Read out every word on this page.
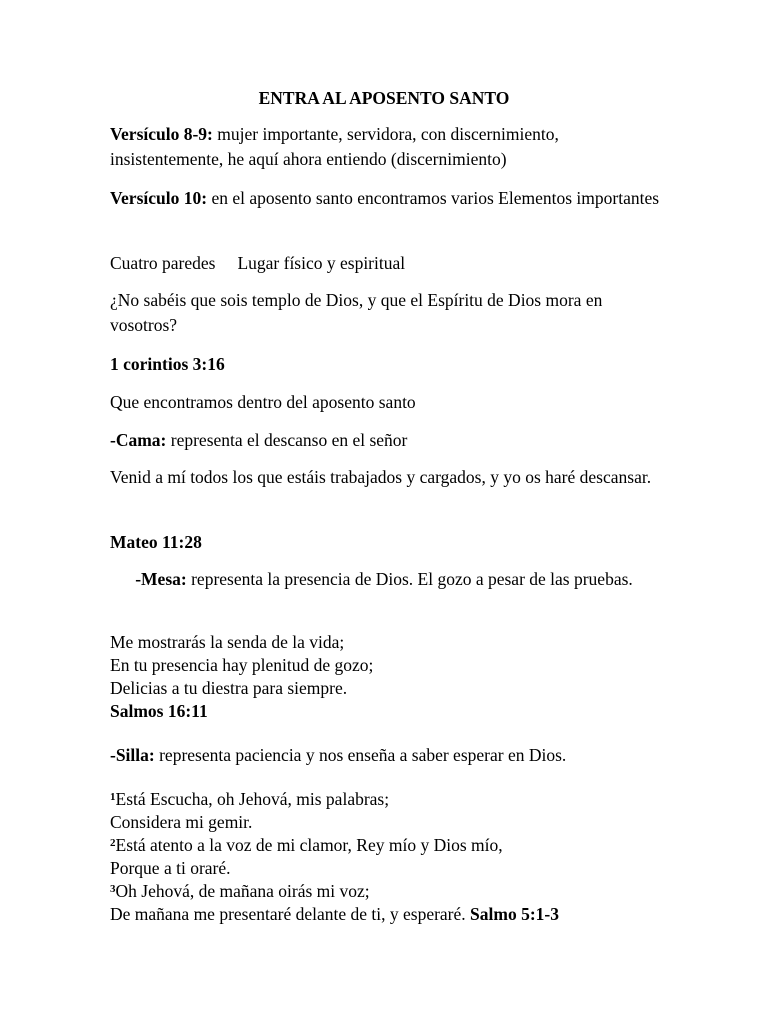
ENTRA AL APOSENTO SANTO
Versículo 8-9: mujer importante, servidora, con discernimiento, insistentemente, he aquí ahora entiendo (discernimiento)
Versículo 10: en el aposento santo encontramos varios Elementos importantes
Cuatro paredes Lugar físico y espiritual
¿No sabéis que sois templo de Dios, y que el Espíritu de Dios mora en vosotros?
1 corintios 3:16
Que encontramos dentro del aposento santo
-Cama: representa el descanso en el señor
Venid a mí todos los que estáis trabajados y cargados, y yo os haré descansar.
Mateo 11:28
-Mesa: representa la presencia de Dios. El gozo a pesar de las pruebas.
Me mostrarás la senda de la vida;
En tu presencia hay plenitud de gozo;
Delicias a tu diestra para siempre.
Salmos 16:11
-Silla: representa paciencia y nos enseña a saber esperar en Dios.
$^1$Está Escucha, oh Jehová, mis palabras;
Considera mi gemir.
$^2$Está atento a la voz de mi clamor, Rey mío y Dios mío,
Porque a ti oraré.
$^3$Oh Jehová, de mañana oirás mi voz;
De mañana me presentaré delante de ti, y esperaré. Salmo 5:1-3
